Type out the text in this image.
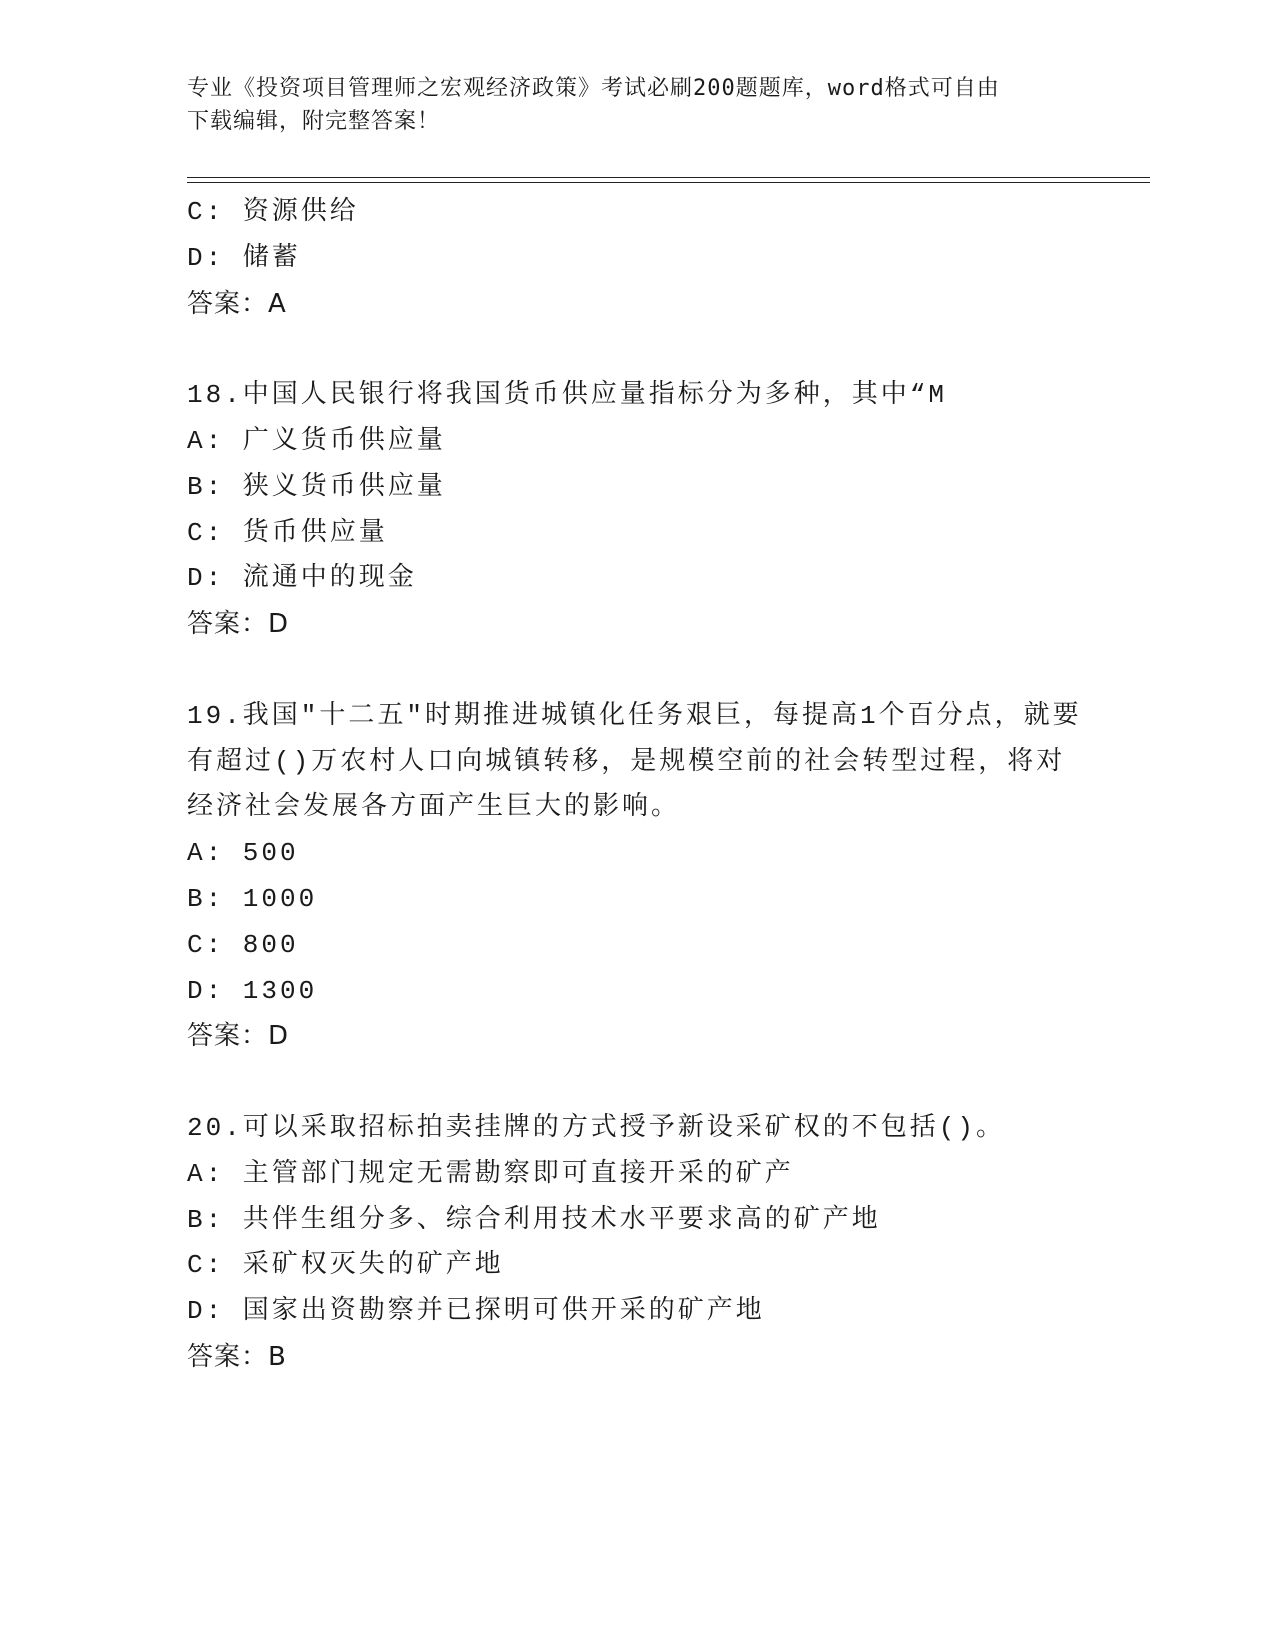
专业《投资项目管理师之宏观经济政策》考试必刷200题题库，word格式可自由
下载编辑，附完整答案！
C: 资源供给
D: 储蓄
答案：A
18.中国人民银行将我国货币供应量指标分为多种，其中“M
A: 广义货币供应量
B: 狭义货币供应量
C: 货币供应量
D: 流通中的现金
答案：D
19.我国"十二五"时期推进城镇化任务艰巨，每提高1个百分点，就要
有超过()万农村人口向城镇转移，是规模空前的社会转型过程，将对
经济社会发展各方面产生巨大的影响。
A: 500
B: 1000
C: 800
D: 1300
答案：D
20.可以采取招标拍卖挂牌的方式授予新设采矿权的不包括()。
A: 主管部门规定无需勘察即可直接开采的矿产
B: 共伴生组分多、综合利用技术水平要求高的矿产地
C: 采矿权灭失的矿产地
D: 国家出资勘察并已探明可供开采的矿产地
答案：B
